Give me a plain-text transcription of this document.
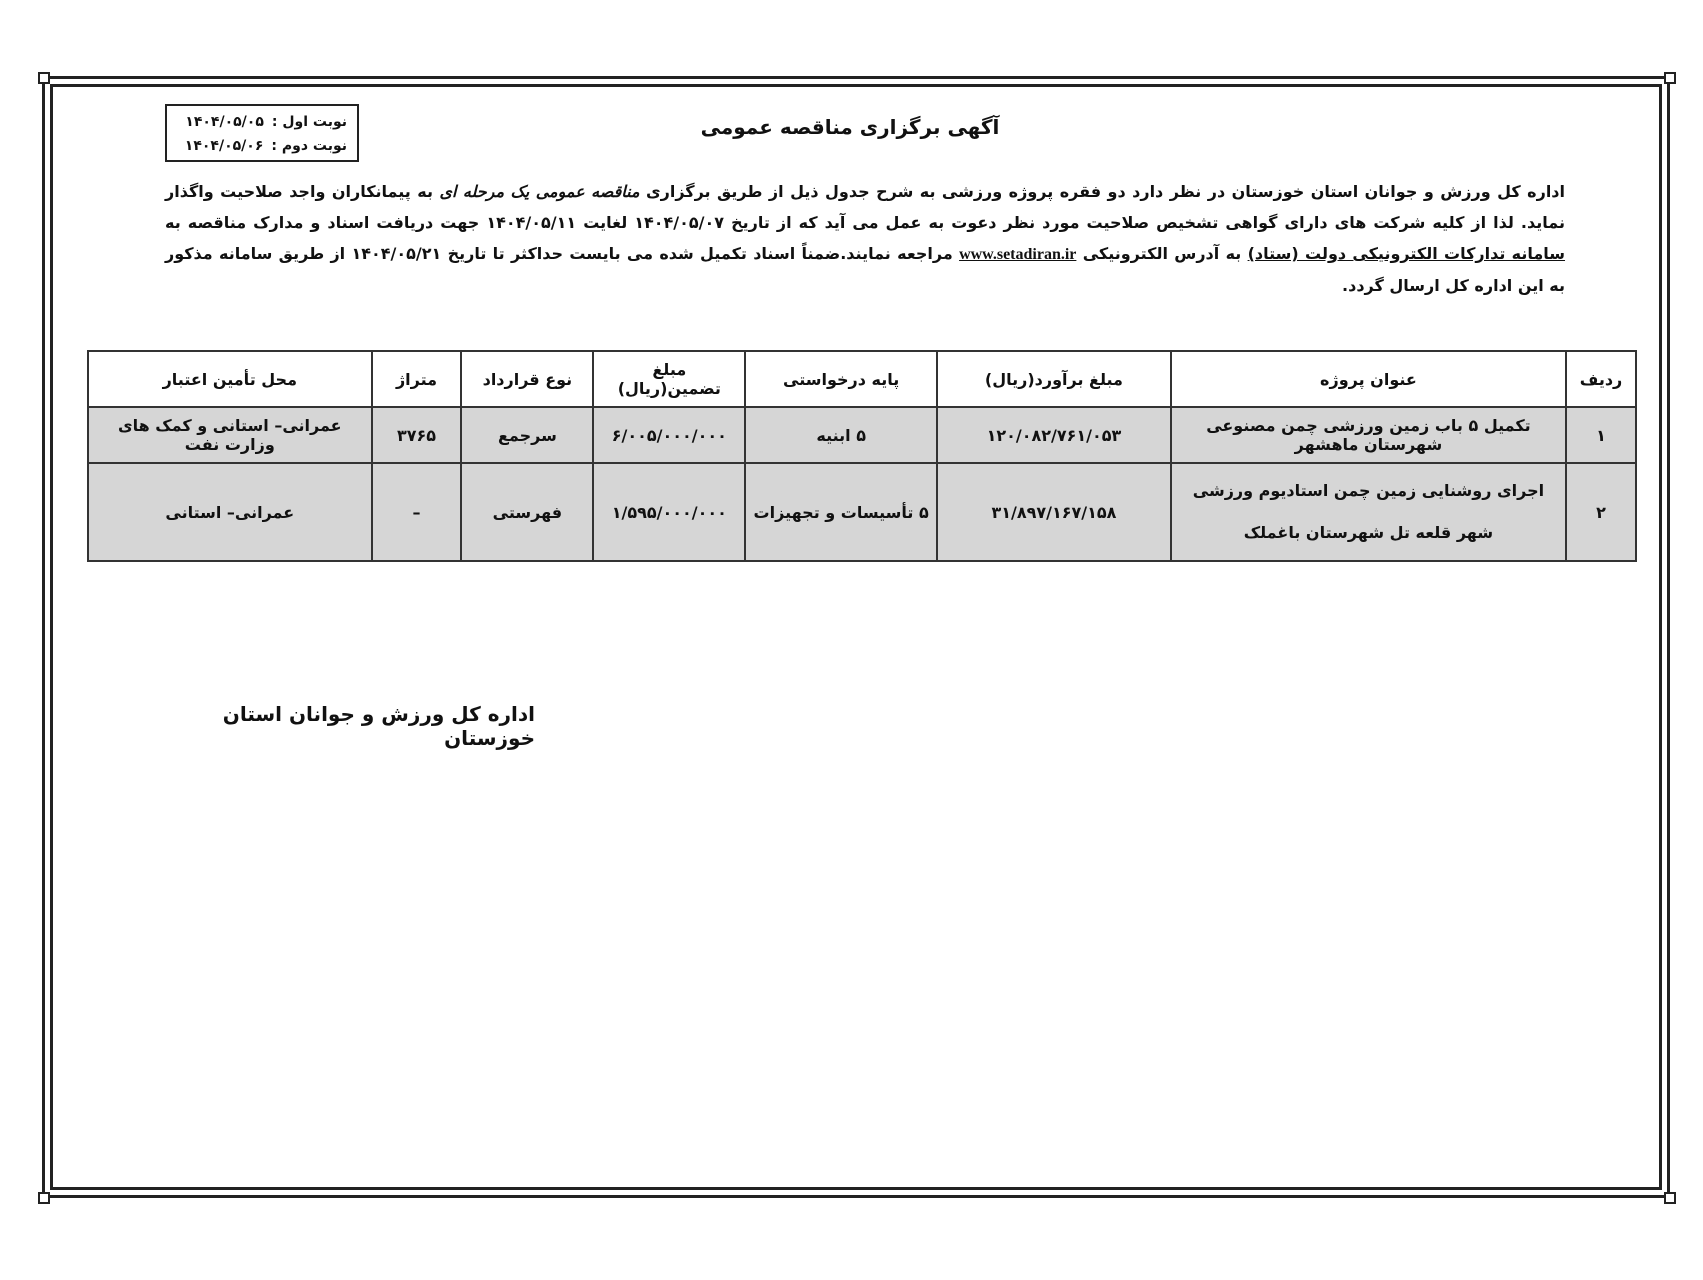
آگهی برگزاری مناقصه عمومی
نوبت اول :
۱۴۰۴/۰۵/۰۵
نوبت دوم :
۱۴۰۴/۰۵/۰۶
اداره کل ورزش و جوانان استان خوزستان در نظر دارد دو فقره پروژه ورزشی به شرح جدول ذیل از طریق برگزاری مناقصه عمومی یک مرحله ای به پیمانکاران واجد صلاحیت واگذار نماید. لذا از کلیه شرکت های دارای گواهی تشخیص صلاحیت مورد نظر دعوت به عمل می آید که از تاریخ ۱۴۰۴/۰۵/۰۷ لغایت ۱۴۰۴/۰۵/۱۱ جهت دریافت اسناد و مدارک مناقصه به سامانه تدارکات الکترونیکی دولت (ستاد) به آدرس الکترونیکی www.setadiran.ir مراجعه نمایند.ضمناً اسناد تکمیل شده می بایست حداکثر تا تاریخ ۱۴۰۴/۰۵/۲۱ از طریق سامانه مذکور به این اداره کل ارسال گردد.
ردیف	عنوان پروژه	مبلغ برآورد(ریال)	پایه درخواستی	مبلغ تضمین(ریال)	نوع قرارداد	متراژ	محل تأمین اعتبار
۱	تکمیل ۵ باب زمین ورزشی چمن مصنوعی شهرستان ماهشهر	۱۲۰/۰۸۲/۷۶۱/۰۵۳	۵ ابنیه	۶/۰۰۵/۰۰۰/۰۰۰	سرجمع	۳۷۶۵	عمرانی– استانی و کمک های وزارت نفت
۲	اجرای روشنایی زمین چمن استادیوم ورزشی
شهر قلعه تل شهرستان باغملک	۳۱/۸۹۷/۱۶۷/۱۵۸	۵ تأسیسات و تجهیزات	۱/۵۹۵/۰۰۰/۰۰۰	فهرستی	–	عمرانی– استانی
اداره کل ورزش و جوانان استان خوزستان
